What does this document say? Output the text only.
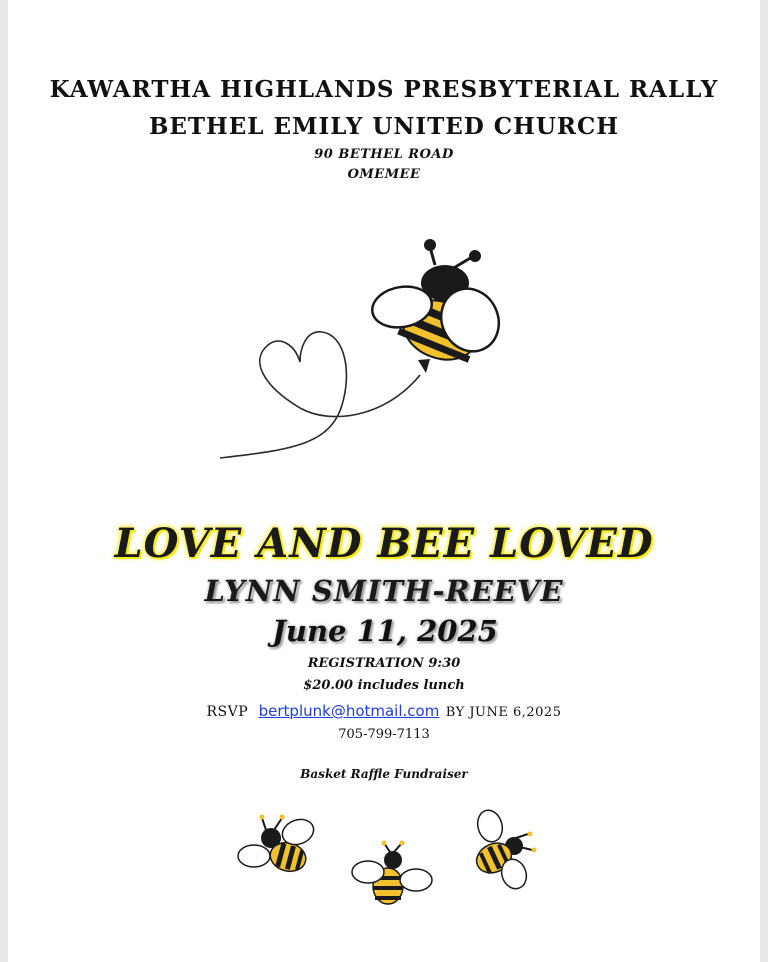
KAWARTHA HIGHLANDS PRESBYTERIAL RALLY
BETHEL EMILY UNITED CHURCH
90 BETHEL ROAD
OMEMEE
LOVE AND BEE LOVED
LYNN SMITH-REEVE
June 11, 2025
REGISTRATION 9:30
$20.00 includes lunch
RSVP bertplunk@hotmail.com BY JUNE 6,2025
705-799-7113
Basket Raffle Fundraiser
